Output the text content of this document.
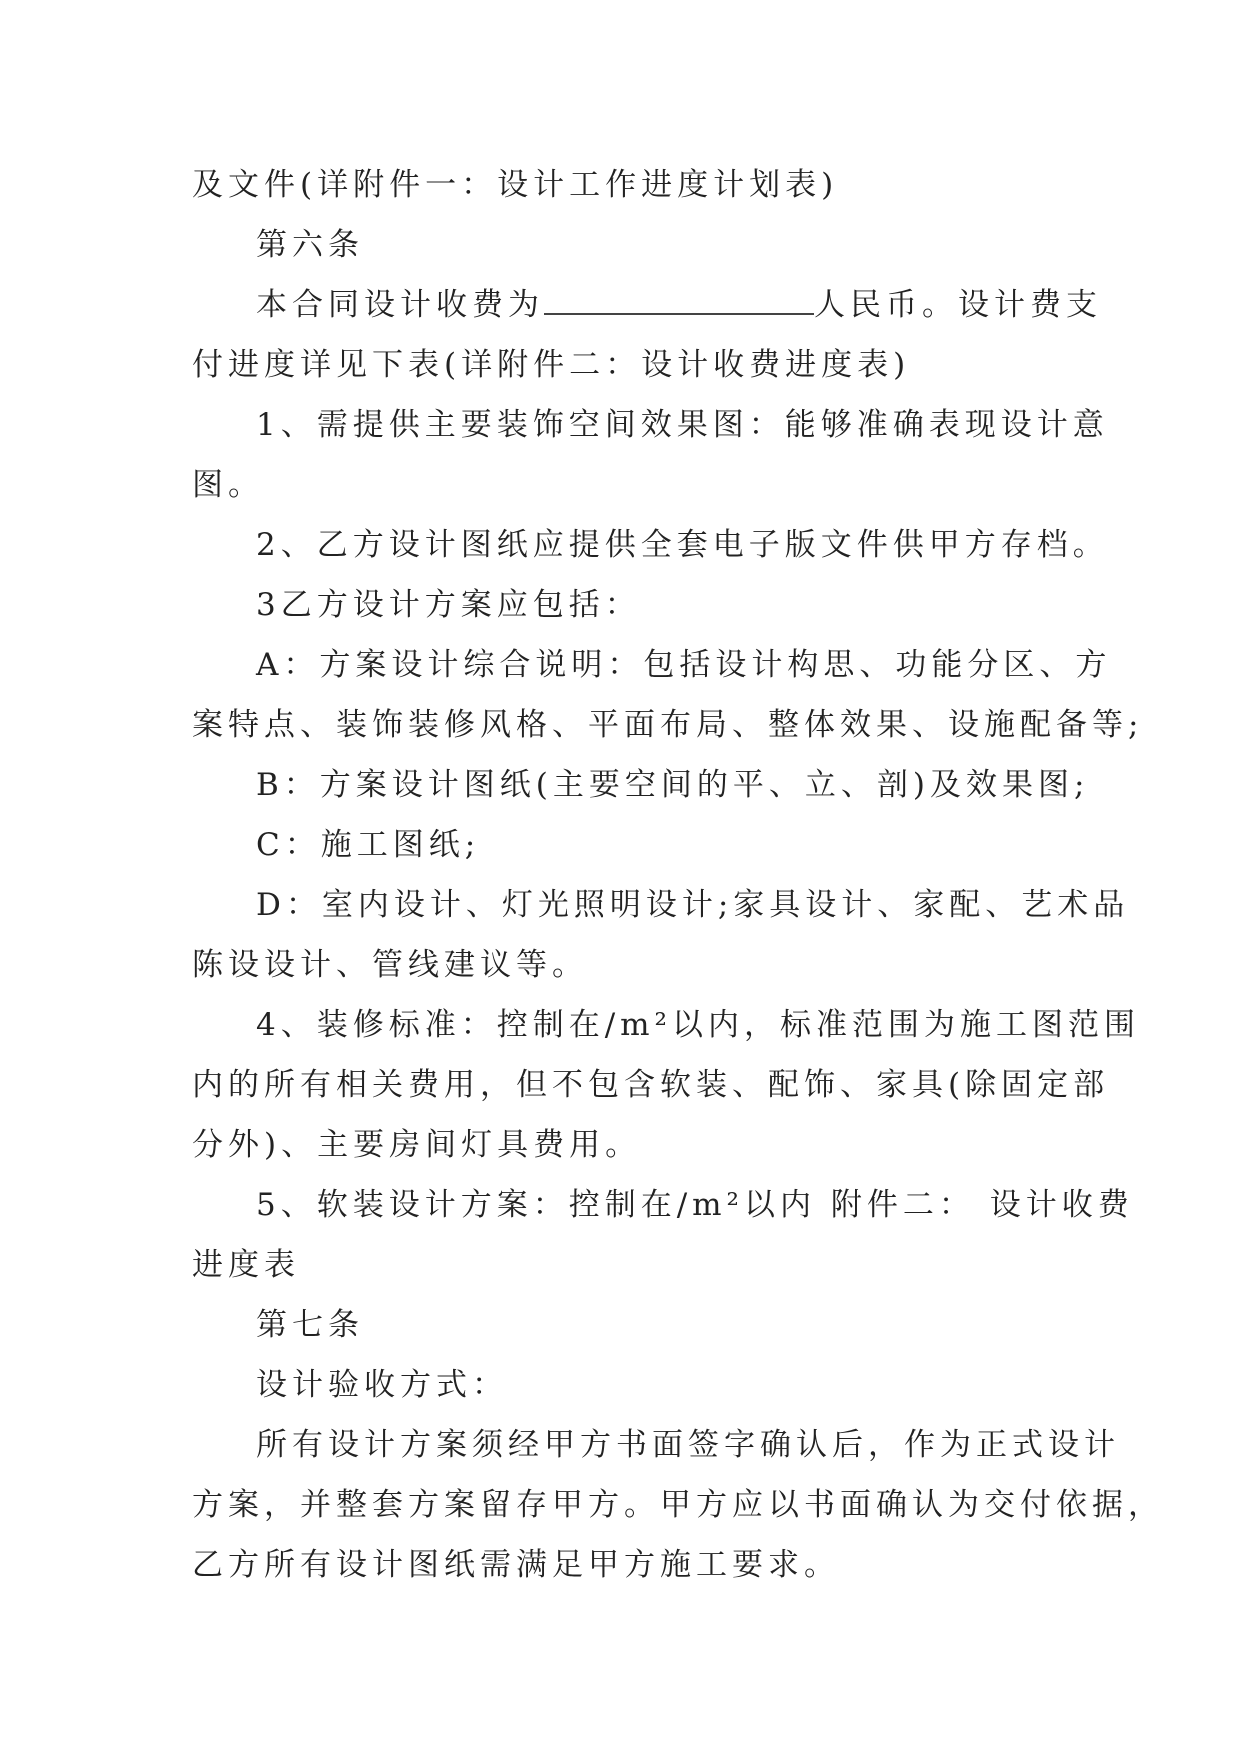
及文件(详附件一：设计工作进度计划表)
第六条
本合同设计收费为	人民币。设计费支
付进度详见下表(详附件二：设计收费进度表)
1、需提供主要装饰空间效果图：能够准确表现设计意
图。
2、乙方设计图纸应提供全套电子版文件供甲方存档。
3乙方设计方案应包括：
A：方案设计综合说明：包括设计构思、功能分区、方
案特点、装饰装修风格、平面布局、整体效果、设施配备等;
B：方案设计图纸(主要空间的平、立、剖)及效果图;
C：施工图纸;
D：室内设计、灯光照明设计;家具设计、家配、艺术品
陈设设计、管线建议等。
4、装修标准：控制在/m²以内，标准范围为施工图范围
内的所有相关费用，但不包含软装、配饰、家具(除固定部
分外)、主要房间灯具费用。
5、软装设计方案：控制在/m²以内 附件二： 设计收费
进度表
第七条
设计验收方式：
所有设计方案须经甲方书面签字确认后，作为正式设计
方案，并整套方案留存甲方。甲方应以书面确认为交付依据，
乙方所有设计图纸需满足甲方施工要求。
